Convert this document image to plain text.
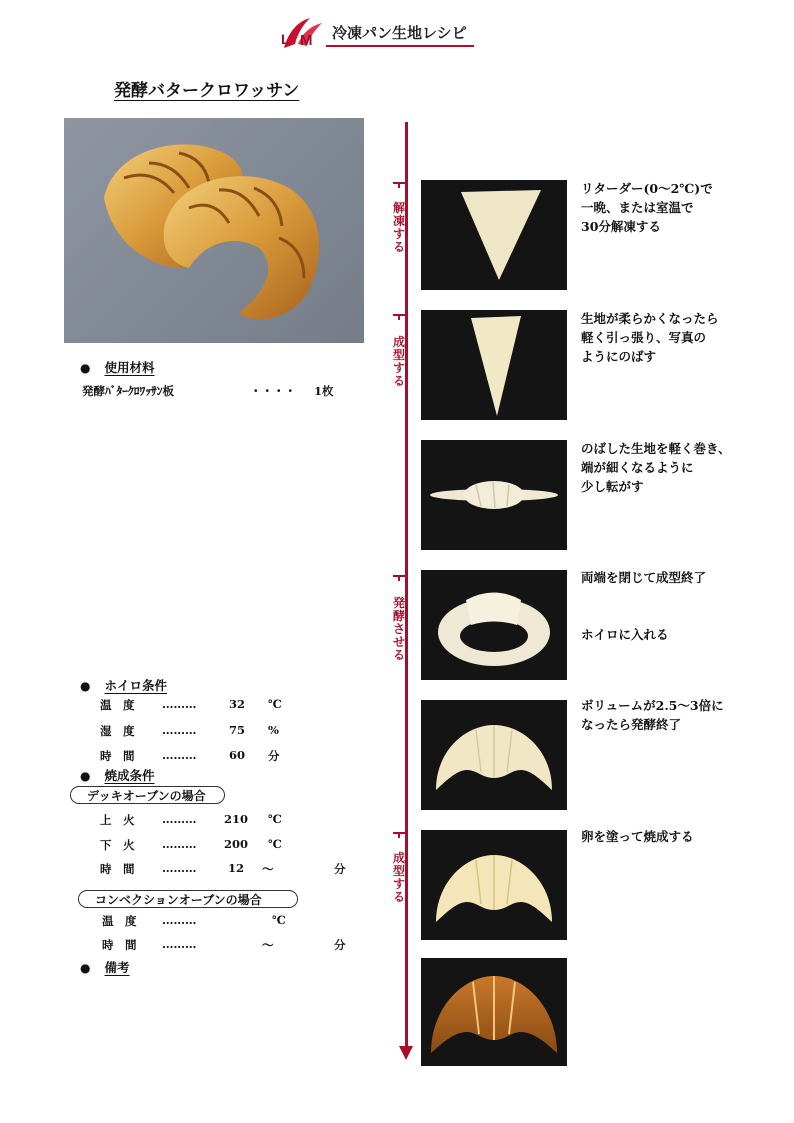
L M 冷凍パン生地レシピ
発酵バタークロワッサン
● 使用材料
発酵ﾊﾞﾀｰｸﾛﾜｯｻﾝ板	・・・・ 1枚
● ホイロ条件
温　度 ………	32 ℃
湿　度 ………	75 %
時　間 ………	60 分
● 焼成条件
デッキオーブンの場合
上　火 ……… 210 ℃
下　火 ……… 200 ℃
時　間 ………	12 ～	分
コンベクションオーブンの場合
温　度 ………	℃
時　間 ………	～	分
● 備考
解凍する
成型する
発酵させる
成型する
リターダー(0～2℃)で
一晩、または室温で
30分解凍する
生地が柔らかくなったら
軽く引っ張り、写真の
ようにのばす
のばした生地を軽く巻き、
端が細くなるように
少し転がす
両端を閉じて成型終了

ホイロに入れる
ボリュームが2.5～3倍に
なったら発酵終了
卵を塗って焼成する
